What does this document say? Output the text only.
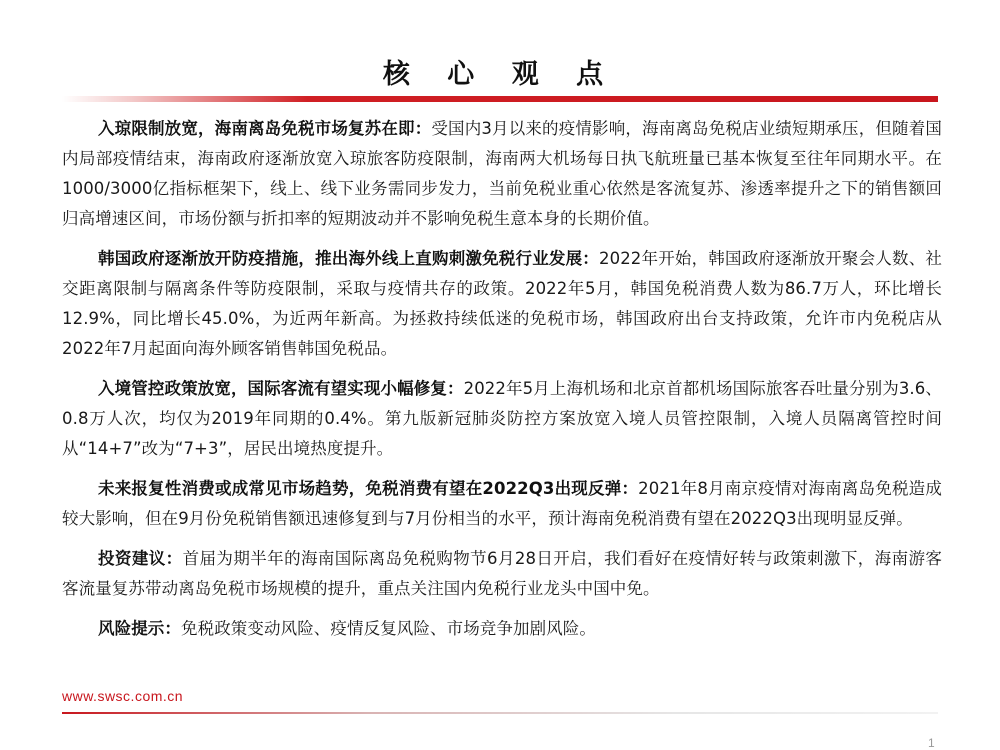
核 心 观 点

入琼限制放宽，海南离岛免税市场复苏在即：受国内3月以来的疫情影响，海南离岛免税店业绩短期承压，但随着国内局部疫情结束，海南政府逐渐放宽入琼旅客防疫限制，海南两大机场每日执飞航班量已基本恢复至往年同期水平。在1000/3000亿指标框架下，线上、线下业务需同步发力，当前免税业重心依然是客流复苏、渗透率提升之下的销售额回归高增速区间，市场份额与折扣率的短期波动并不影响免税生意本身的长期价值。

韩国政府逐渐放开防疫措施，推出海外线上直购刺激免税行业发展：2022年开始，韩国政府逐渐放开聚会人数、社交距离限制与隔离条件等防疫限制，采取与疫情共存的政策。2022年5月，韩国免税消费人数为86.7万人，环比增长12.9%，同比增长45.0%，为近两年新高。为拯救持续低迷的免税市场，韩国政府出台支持政策，允许市内免税店从2022年7月起面向海外顾客销售韩国免税品。

入境管控政策放宽，国际客流有望实现小幅修复：2022年5月上海机场和北京首都机场国际旅客吞吐量分别为3.6、0.8万人次，均仅为2019年同期的0.4%。第九版新冠肺炎防控方案放宽入境人员管控限制，入境人员隔离管控时间从“14+7”改为“7+3”，居民出境热度提升。

未来报复性消费或成常见市场趋势，免税消费有望在2022Q3出现反弹：2021年8月南京疫情对海南离岛免税造成较大影响，但在9月份免税销售额迅速修复到与7月份相当的水平，预计海南免税消费有望在2022Q3出现明显反弹。

投资建议：首届为期半年的海南国际离岛免税购物节6月28日开启，我们看好在疫情好转与政策刺激下，海南游客客流量复苏带动离岛免税市场规模的提升，重点关注国内免税行业龙头中国中免。

风险提示：免税政策变动风险、疫情反复风险、市场竞争加剧风险。

www.swsc.com.cn
1
